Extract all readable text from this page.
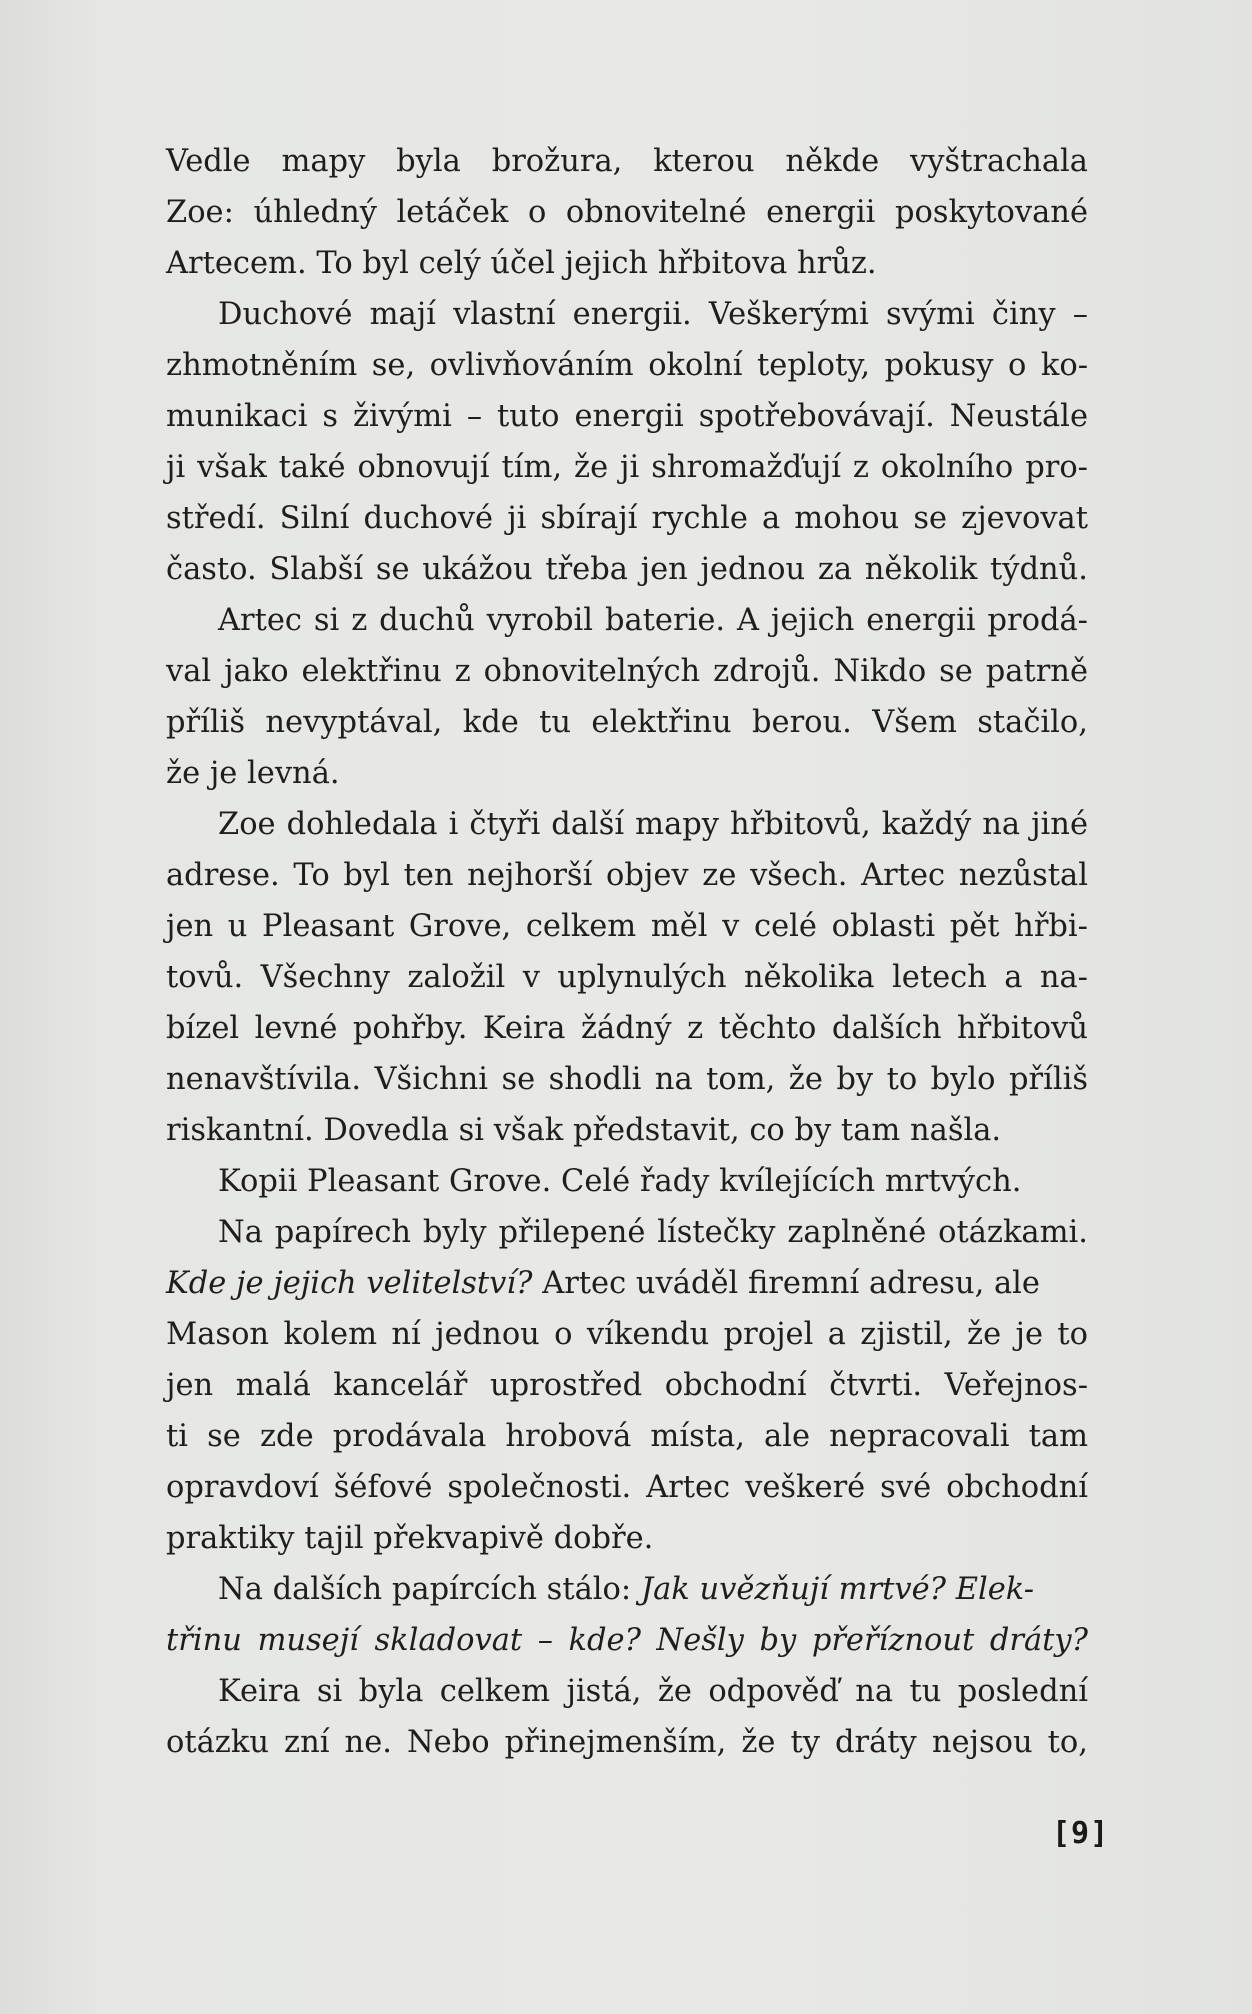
Vedle mapy byla brožura, kterou někde vyštrachala
Zoe: úhledný letáček o obnovitelné energii poskytované
Artecem. To byl celý účel jejich hřbitova hrůz.
Duchové mají vlastní energii. Veškerými svými činy –
zhmotněním se, ovlivňováním okolní teploty, pokusy o ko-
munikaci s živými – tuto energii spotřebovávají. Neustále
ji však také obnovují tím, že ji shromažďují z okolního pro-
středí. Silní duchové ji sbírají rychle a mohou se zjevovat
často. Slabší se ukážou třeba jen jednou za několik týdnů.
Artec si z duchů vyrobil baterie. A jejich energii prodá-
val jako elektřinu z obnovitelných zdrojů. Nikdo se patrně
příliš nevyptával, kde tu elektřinu berou. Všem stačilo,
že je levná.
Zoe dohledala i čtyři další mapy hřbitovů, každý na jiné
adrese. To byl ten nejhorší objev ze všech. Artec nezůstal
jen u Pleasant Grove, celkem měl v celé oblasti pět hřbi-
tovů. Všechny založil v uplynulých několika letech a na-
bízel levné pohřby. Keira žádný z těchto dalších hřbitovů
nenavštívila. Všichni se shodli na tom, že by to bylo příliš
riskantní. Dovedla si však představit, co by tam našla.
Kopii Pleasant Grove. Celé řady kvílejících mrtvých.
Na papírech byly přilepené lístečky zaplněné otázkami.
Kde je jejich velitelství? Artec uváděl firemní adresu, ale
Mason kolem ní jednou o víkendu projel a zjistil, že je to
jen malá kancelář uprostřed obchodní čtvrti. Veřejnos-
ti se zde prodávala hrobová místa, ale nepracovali tam
opravdoví šéfové společnosti. Artec veškeré své obchodní
praktiky tajil překvapivě dobře.
Na dalších papírcích stálo: Jak uvězňují mrtvé? Elek-
třinu musejí skladovat – kde? Nešly by přeříznout dráty?
Keira si byla celkem jistá, že odpověď na tu poslední
otázku zní ne. Nebo přinejmenším, že ty dráty nejsou to,
[9]
